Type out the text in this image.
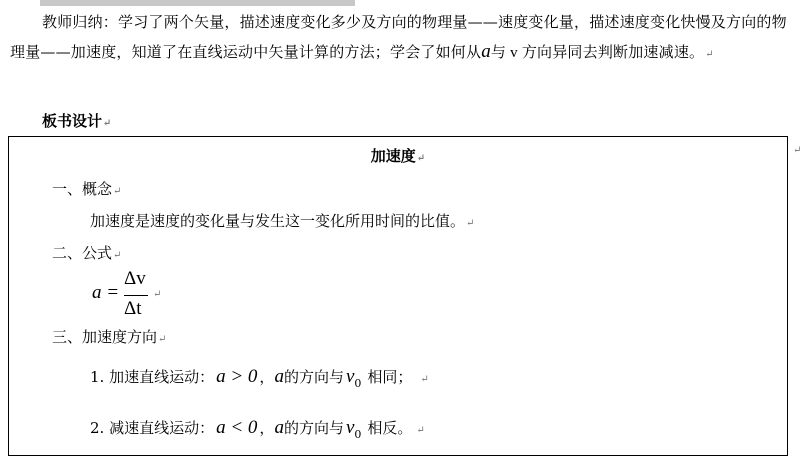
教师归纳：学习了两个矢量，描述速度变化多少及方向的物理量——速度变化量，描述速度变化快慢及方向的物理量——加速度，知道了在直线运动中矢量计算的方法；学会了如何从a与 v 方向异同去判断加速减速。↵
板书设计↵
↵
加速度↵
一、概念↵
加速度是速度的变化量与发生这一变化所用时间的比值。↵
二、公式↵
a =
Δv
Δt
↵
三、加速度方向↵
1. 加速直线运动： a > 0 ，a的方向与 $v_0$ 相同； ↵
2. 减速直线运动： a < 0 ，a的方向与 $v_0$ 相反。 ↵
